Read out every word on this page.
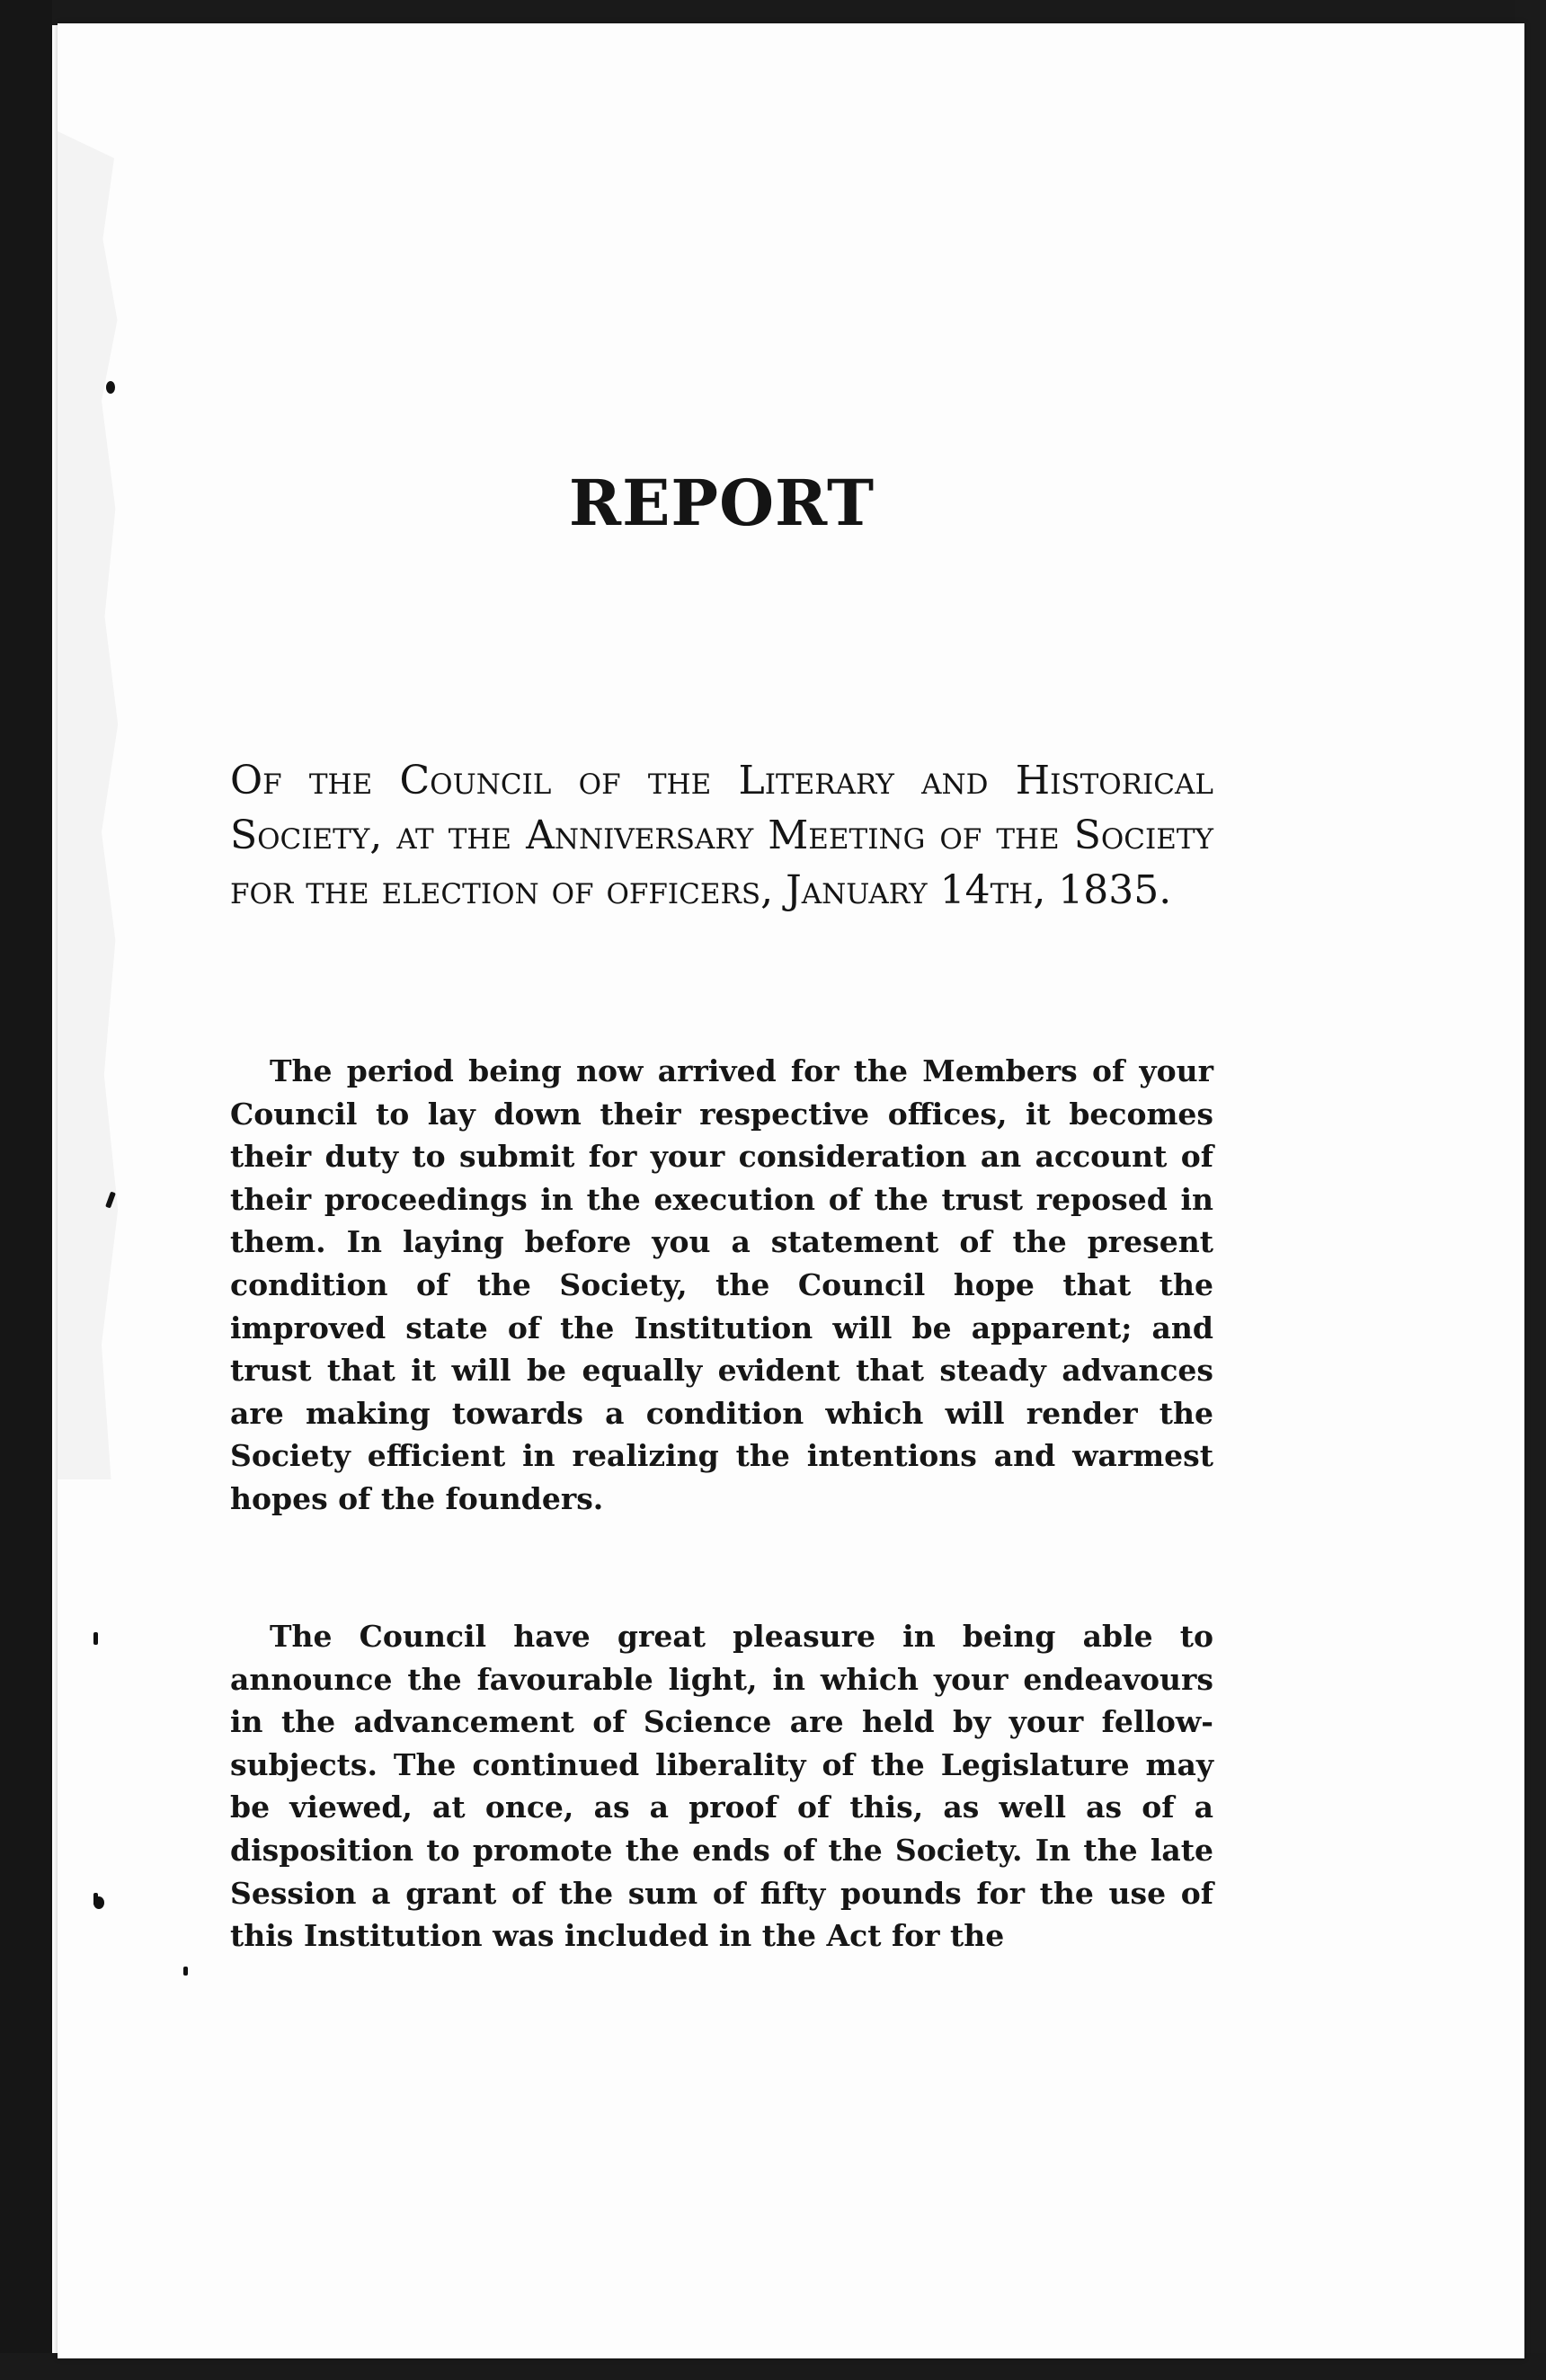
REPORT

Of the Council of the Literary and Historical Society, at the Anniversary Meeting of the Society for the election of officers, January 14th, 1835.

The period being now arrived for the Members of your Council to lay down their respective offices, it becomes their duty to submit for your consideration an account of their proceedings in the execution of the trust reposed in them. In laying before you a statement of the present condition of the Society, the Council hope that the improved state of the Institution will be apparent; and trust that it will be equally evident that steady advances are making towards a condition which will render the Society efficient in realizing the intentions and warmest hopes of the founders.

The Council have great pleasure in being able to announce the favourable light, in which your endeavours in the advancement of Science are held by your fellow-subjects. The continued liberality of the Legislature may be viewed, at once, as a proof of this, as well as of a disposition to promote the ends of the Society. In the late Session a grant of the sum of fifty pounds for the use of this Institution was included in the Act for the
